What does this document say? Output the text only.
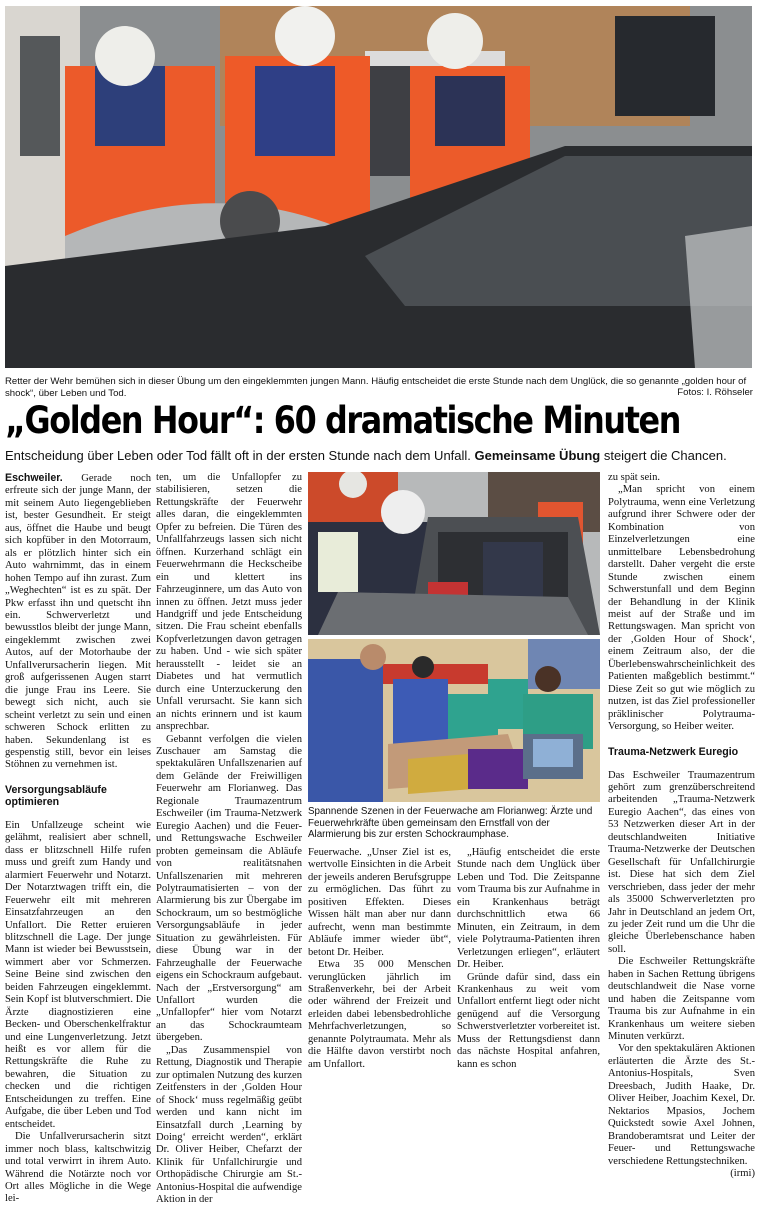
Retter der Wehr bemühen sich in dieser Übung um den eingeklemmten jungen Mann. Häufig entscheidet die erste Stunde nach dem Unglück, die so genannte „golden hour of shock“, über Leben und Tod.	Fotos: I. Röhseler
„Golden Hour“: 60 dramatische Minuten
Entscheidung über Leben oder Tod fällt oft in der ersten Stunde nach dem Unfall. Gemeinsame Übung steigert die Chancen.

Eschweiler. Gerade noch erfreute sich der junge Mann, der mit seinem Auto liegengeblieben ist, bester Gesundheit. Er steigt aus, öffnet die Haube und beugt sich kopfüber in den Motorraum, als er plötzlich hinter sich ein Auto wahrnimmt, das in einem hohen Tempo auf ihn zurast. Zum „Weghechten“ ist es zu spät. Der Pkw erfasst ihn und quetscht ihn ein. Schwerverletzt und bewusstlos bleibt der junge Mann, eingeklemmt zwischen zwei Autos, auf der Motorhaube der Unfallverursacherin liegen. Mit groß aufgerissenen Augen starrt die junge Frau ins Leere. Sie bewegt sich nicht, auch sie scheint verletzt zu sein und einen schweren Schock erlitten zu haben. Sekundenlang ist es gespenstig still, bevor ein leises Stöhnen zu vernehmen ist.

Versorgungsabläufe optimieren

Ein Unfallzeuge scheint wie gelähmt, realisiert aber schnell, dass er blitzschnell Hilfe rufen muss und greift zum Handy und alarmiert Feuerwehr und Notarzt. Der Notarztwagen trifft ein, die Feuerwehr eilt mit mehreren Einsatzfahrzeugen an den Unfallort. Die Retter eruieren blitzschnell die Lage. Der junge Mann ist wieder bei Bewusstsein, wimmert aber vor Schmerzen. Seine Beine sind zwischen den beiden Fahrzeugen eingeklemmt. Sein Kopf ist blutverschmiert. Die Ärzte diagnostizieren eine Becken- und Oberschenkelfraktur und eine Lungenverletzung. Jetzt heißt es vor allem für die Rettungskräfte die Ruhe zu bewahren, die Situation zu checken und die richtigen Entscheidungen zu treffen. Eine Aufgabe, die über Leben und Tod entscheidet.

Die Unfallverursacherin sitzt immer noch blass, kaltschwitzig und total verwirrt in ihrem Auto. Während die Notärzte noch vor Ort alles Mögliche in die Wege lei-

ten, um die Unfallopfer zu stabilisieren, setzen die Rettungskräfte der Feuerwehr alles daran, die eingeklemmten Opfer zu befreien. Die Türen des Unfallfahrzeugs lassen sich nicht öffnen. Kurzerhand schlägt ein Feuerwehrmann die Heckscheibe ein und klettert ins Fahrzeuginnere, um das Auto von innen zu öffnen. Jetzt muss jeder Handgriff und jede Entscheidung sitzen. Die Frau scheint ebenfalls Kopfverletzungen davon getragen zu haben. Und - wie sich später herausstellt - leidet sie an Diabetes und hat vermutlich durch eine Unterzuckerung den Unfall verursacht. Sie kann sich an nichts erinnern und ist kaum ansprechbar.

Gebannt verfolgen die vielen Zuschauer am Samstag die spektakulären Unfallszenarien auf dem Gelände der Freiwilligen Feuerwehr am Florianweg. Das Regionale Traumazentrum Eschweiler (im Trauma-Netzwerk Euregio Aachen) und die Feuer- und Rettungswache Eschweiler probten gemeinsam die Abläufe von realitätsnahen Unfallszenarien mit mehreren Polytraumatisierten – von der Alarmierung bis zur Übergabe im Schockraum, um so bestmögliche Versorgungsabläufe in jeder Situation zu gewährleisten. Für diese Übung war in der Fahrzeughalle der Feuerwache eigens ein Schockraum aufgebaut. Nach der „Erstversorgung“ am Unfallort wurden die „Unfallopfer“ hier vom Notarzt an das Schockraumteam übergeben.

„Das Zusammenspiel von Rettung, Diagnostik und Therapie zur optimalen Nutzung des kurzen Zeitfensters in der ‚Golden Hour of Shock‘ muss regelmäßig geübt werden und kann nicht im Einsatzfall durch ‚Learning by Doing‘ erreicht werden“, erklärt Dr. Oliver Heiber, Chefarzt der Klinik für Unfallchirurgie und Orthopädische Chirurgie am St.-Antonius-Hospital die aufwendige Aktion in der

Spannende Szenen in der Feuerwache am Florianweg: Ärzte und Feuerwehrkräfte üben gemeinsam den Ernstfall von der Alarmierung bis zur ersten Schockraumphase.

Feuerwache. „Unser Ziel ist es, wertvolle Einsichten in die Arbeit der jeweils anderen Berufsgruppe zu ermöglichen. Das führt zu positiven Effekten. Dieses Wissen hält man aber nur dann aufrecht, wenn man bestimmte Abläufe immer wieder übt“, betont Dr. Heiber.

Etwa 35 000 Menschen verunglücken jährlich im Straßenverkehr, bei der Arbeit oder während der Freizeit und erleiden dabei lebensbedrohliche Mehrfachverletzungen, so genannte Polytraumata. Mehr als die Hälfte davon verstirbt noch am Unfallort.

„Häufig entscheidet die erste Stunde nach dem Unglück über Leben und Tod. Die Zeitspanne vom Trauma bis zur Aufnahme in ein Krankenhaus beträgt durchschnittlich etwa 66 Minuten, ein Zeitraum, in dem viele Polytrauma-Patienten ihren Verletzungen erliegen“, erläutert Dr. Heiber.

Gründe dafür sind, dass ein Krankenhaus zu weit vom Unfallort entfernt liegt oder nicht genügend auf die Versorgung Schwerstverletzter vorbereitet ist. Muss der Rettungsdienst dann das nächste Hospital anfahren, kann es schon

zu spät sein.

„Man spricht von einem Polytrauma, wenn eine Verletzung aufgrund ihrer Schwere oder der Kombination von Einzelverletzungen eine unmittelbare Lebensbedrohung darstellt. Daher vergeht die erste Stunde zwischen einem Schwerstunfall und dem Beginn der Behandlung in der Klinik meist auf der Straße und im Rettungswagen. Man spricht von der ‚Golden Hour of Shock‘, einem Zeitraum also, der die Überlebenswahrscheinlichkeit des Patienten maßgeblich bestimmt.“ Diese Zeit so gut wie möglich zu nutzen, ist das Ziel professioneller präklinischer Polytrauma-Versorgung, so Heiber weiter.

Trauma-Netzwerk Euregio

Das Eschweiler Traumazentrum gehört zum grenzüberschreitend arbeitenden „Trauma-Netzwerk Euregio Aachen“, das eines von 53 Netzwerken dieser Art in der deutschlandweiten Initiative Trauma-Netzwerke der Deutschen Gesellschaft für Unfallchirurgie ist. Diese hat sich dem Ziel verschrieben, dass jeder der mehr als 35000 Schwerverletzten pro Jahr in Deutschland an jedem Ort, zu jeder Zeit rund um die Uhr die gleiche Überlebenschance haben soll.

Die Eschweiler Rettungskräfte haben in Sachen Rettung übrigens deutschlandweit die Nase vorne und haben die Zeitspanne vom Trauma bis zur Aufnahme in ein Krankenhaus um weitere sieben Minuten verkürzt.

Vor den spektakulären Aktionen erläuterten die Ärzte des St.-Antonius-Hospitals, Sven Dreesbach, Judith Haake, Dr. Oliver Heiber, Joachim Kexel, Dr. Nektarios Mpasios, Jochem Quickstedt sowie Axel Johnen, Brandoberamtsrat und Leiter der Feuer- und Rettungswache verschiedene Rettungstechniken.
(irmi)
